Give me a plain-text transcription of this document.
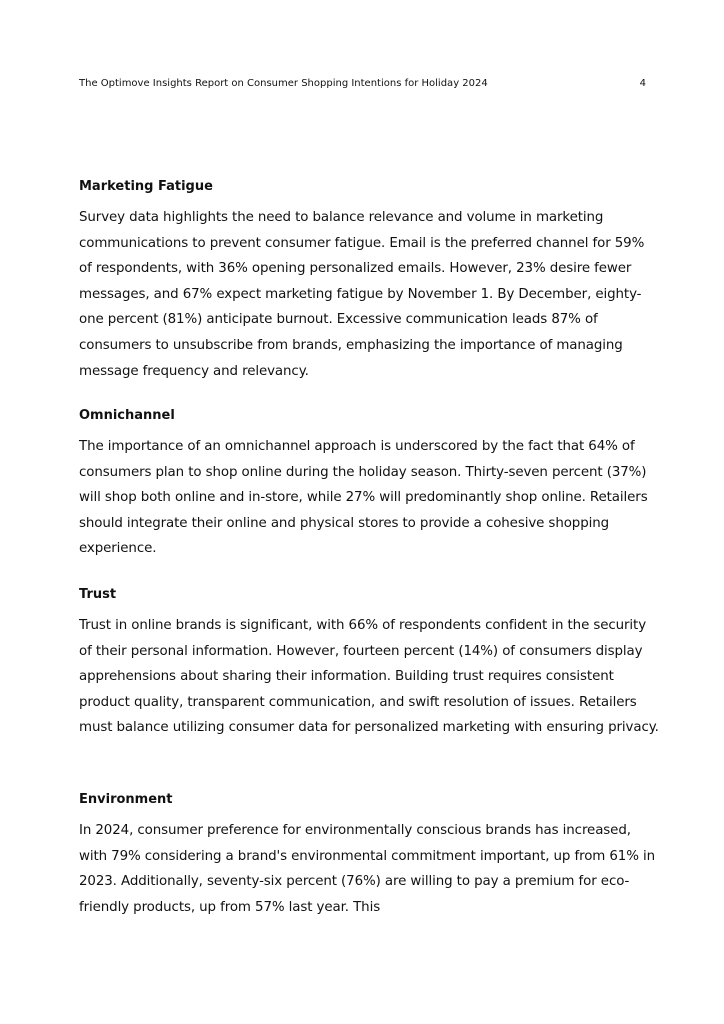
The Optimove Insights Report on Consumer Shopping Intentions for Holiday 2024	4
Marketing Fatigue

Survey data highlights the need to balance relevance and volume in marketing communications to prevent consumer fatigue. Email is the preferred channel for 59% of respondents, with 36% opening personalized emails. However, 23% desire fewer messages, and 67% expect marketing fatigue by November 1. By December, eighty-one percent (81%) anticipate burnout. Excessive communication leads 87% of consumers to unsubscribe from brands, emphasizing the importance of managing message frequency and relevancy.

Omnichannel

The importance of an omnichannel approach is underscored by the fact that 64% of consumers plan to shop online during the holiday season. Thirty-seven percent (37%) will shop both online and in-store, while 27% will predominantly shop online. Retailers should integrate their online and physical stores to provide a cohesive shopping experience.

Trust

Trust in online brands is significant, with 66% of respondents confident in the security of their personal information. However, fourteen percent (14%) of consumers display apprehensions about sharing their information. Building trust requires consistent product quality, transparent communication, and swift resolution of issues. Retailers must balance utilizing consumer data for personalized marketing with ensuring privacy.

Environment

In 2024, consumer preference for environmentally conscious brands has increased, with 79% considering a brand's environmental commitment important, up from 61% in 2023. Additionally, seventy-six percent (76%) are willing to pay a premium for eco-friendly products, up from 57% last year. This
